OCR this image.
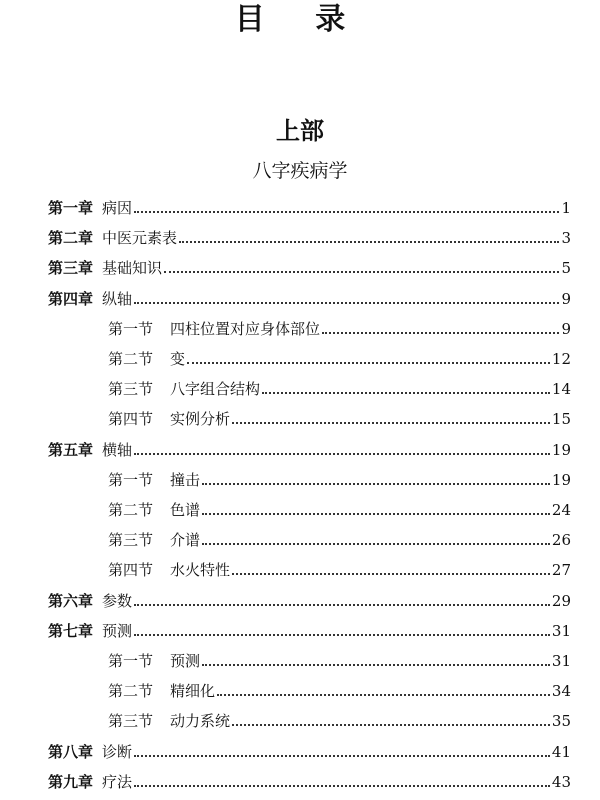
目 录
上部
八字疾病学
第一章 病因	1
第二章 中医元素表	3
第三章 基础知识	5
第四章 纵轴	9
第一节	四柱位置对应身体部位	9
第二节	变	12
第三节	八字组合结构	14
第四节	实例分析	15
第五章 横轴	19
第一节	撞击	19
第二节	色谱	24
第三节	介谱	26
第四节	水火特性	27
第六章 参数	29
第七章 预测	31
第一节	预测	31
第二节	精细化	34
第三节	动力系统	35
第八章 诊断	41
第九章 疗法	43
